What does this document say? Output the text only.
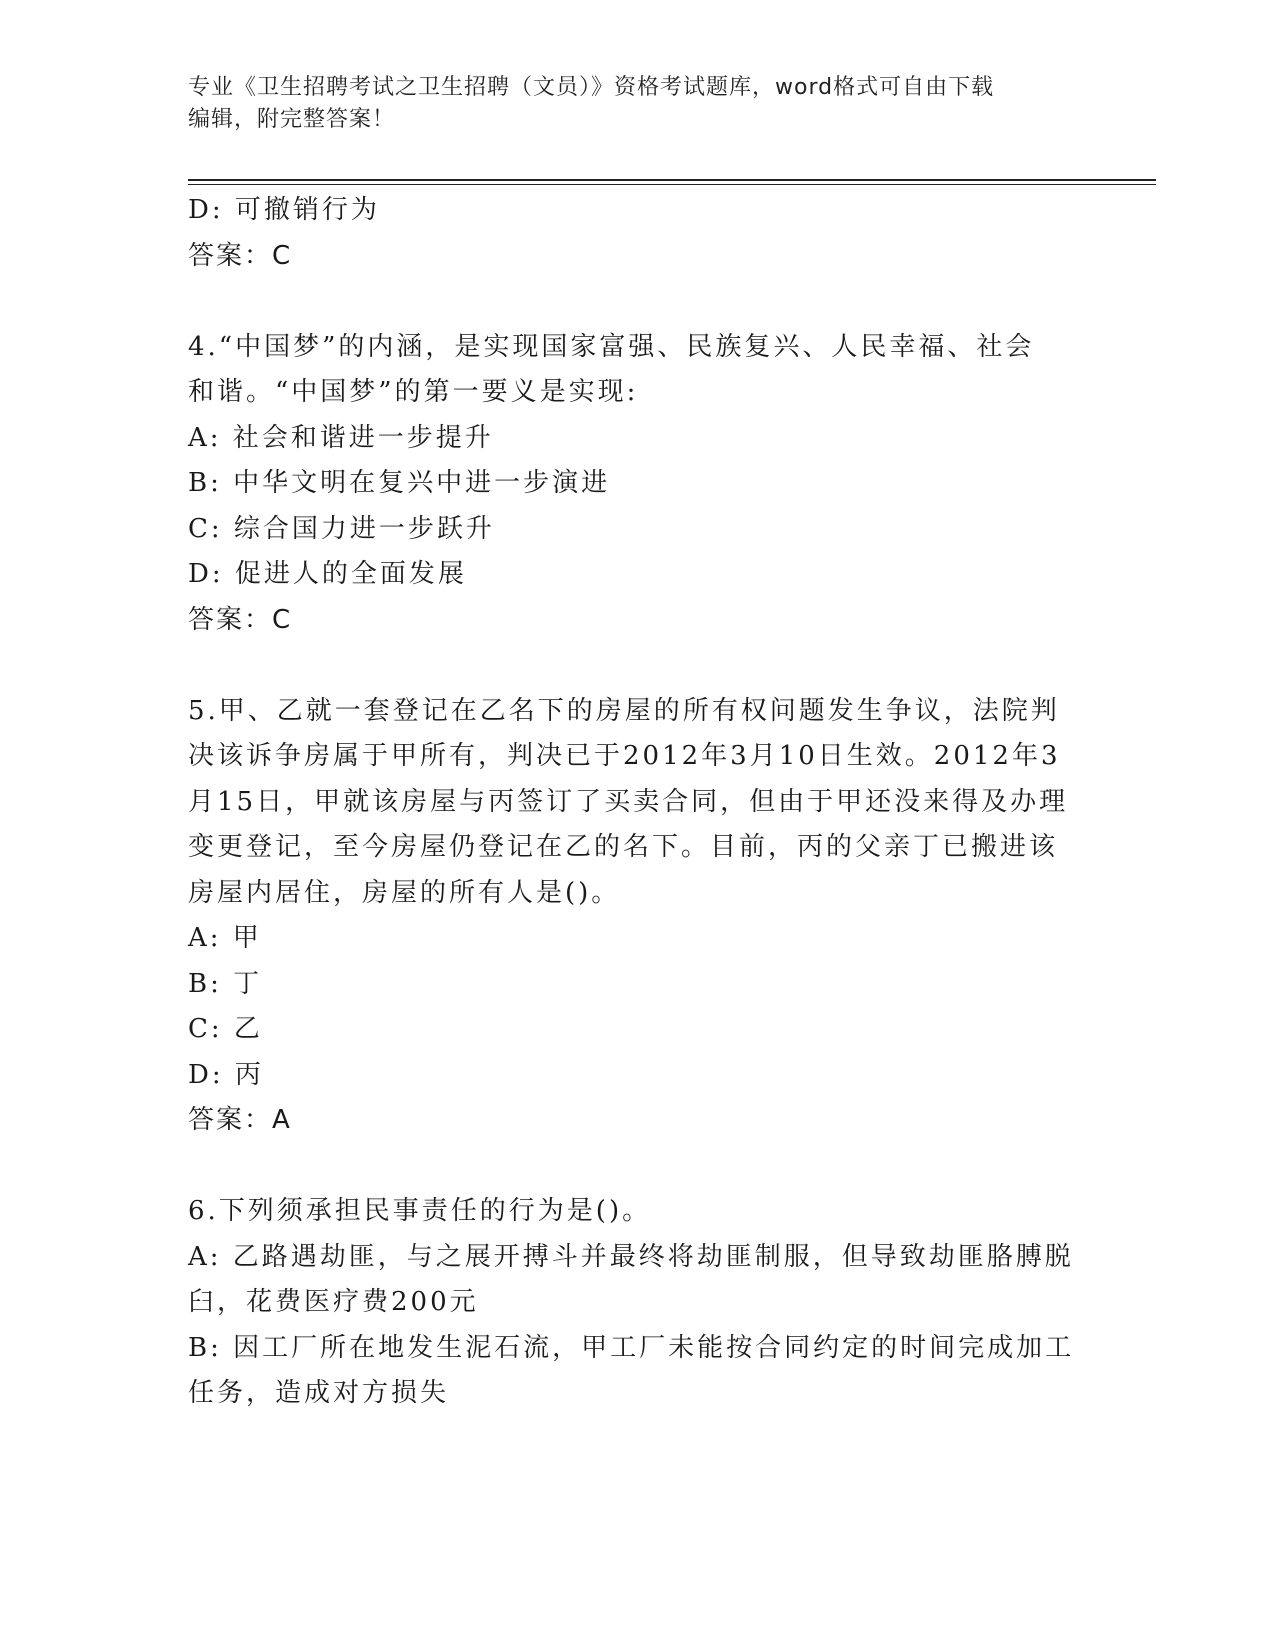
专业《卫生招聘考试之卫生招聘（文员）》资格考试题库，word格式可自由下载
编辑，附完整答案！
D: 可撤销行为
答案：C
4.“中国梦”的内涵，是实现国家富强、民族复兴、人民幸福、社会
和谐。“中国梦”的第一要义是实现:
A: 社会和谐进一步提升
B: 中华文明在复兴中进一步演进
C: 综合国力进一步跃升
D: 促进人的全面发展
答案：C
5.甲、乙就一套登记在乙名下的房屋的所有权问题发生争议，法院判
决该诉争房属于甲所有，判决已于2012年3月10日生效。2012年3
月15日，甲就该房屋与丙签订了买卖合同，但由于甲还没来得及办理
变更登记，至今房屋仍登记在乙的名下。目前，丙的父亲丁已搬进该
房屋内居住，房屋的所有人是()。
A: 甲
B: 丁
C: 乙
D: 丙
答案：A
6.下列须承担民事责任的行为是()。
A: 乙路遇劫匪，与之展开搏斗并最终将劫匪制服，但导致劫匪胳膊脱
臼，花费医疗费200元
B: 因工厂所在地发生泥石流，甲工厂未能按合同约定的时间完成加工
任务，造成对方损失
